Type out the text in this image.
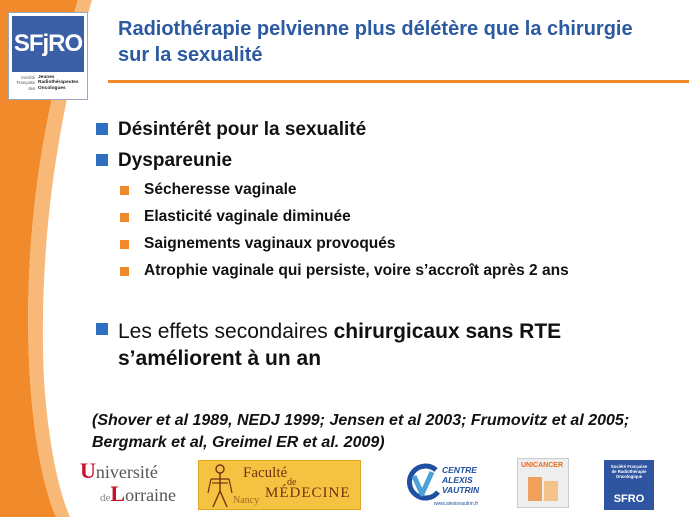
SFjRO
Société
Française
des
Jeunes
Radiothérapeutes
Oncologues
Radiothérapie pelvienne plus délétère que la chirurgie sur la sexualité
Désintérêt pour la sexualité
Dyspareunie
Sécheresse vaginale
Elasticité vaginale diminuée
Saignements vaginaux provoqués
Atrophie vaginale qui persiste, voire s’accroît après 2 ans
Les effets secondaires chirurgicaux sans RTE
s’améliorent à un an
(Shover et al 1989, NEDJ 1999; Jensen et al 2003; Frumovitz et al 2005; Bergmark et al, Greimel ER et al. 2009)
Université
deLorraine
Faculté
de
MÉDECINE
Nancy
CENTRE
ALEXIS
VAUTRIN
www.alexisvautrin.fr
UNICANCER	Société Française
de Radiothérapie
Oncologique
SFRO
